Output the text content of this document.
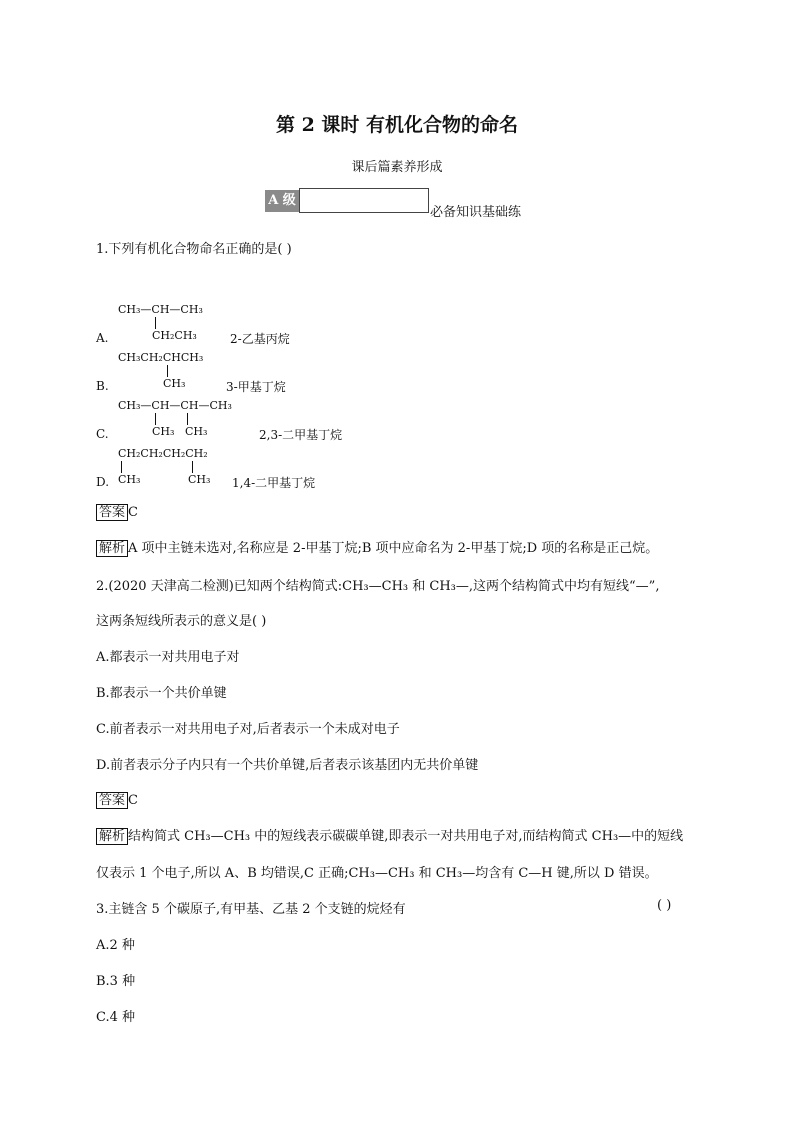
第 2 课时 有机化合物的命名
课后篇素养形成
A 级
必备知识基础练
1.下列有机化合物命名正确的是( )
CH₃—CH—CH₃
A.	CH₂CH₃	2-乙基丙烷
CH₃CH₂CHCH₃
B.	CH₃	3-甲基丁烷
CH₃—CH—CH—CH₃
C.	CH₃ CH₃	2,3-二甲基丁烷
CH₂CH₂CH₂CH₂
D. CH₃	CH₃ 1,4-二甲基丁烷
答案 C
解析 A 项中主链未选对,名称应是 2-甲基丁烷;B 项中应命名为 2-甲基丁烷;D 项的名称是正己烷。
2.(2020 天津高二检测)已知两个结构简式:CH₃—CH₃ 和 CH₃—,这两个结构简式中均有短线“—”,
这两条短线所表示的意义是( )
A.都表示一对共用电子对
B.都表示一个共价单键
C.前者表示一对共用电子对,后者表示一个未成对电子
D.前者表示分子内只有一个共价单键,后者表示该基团内无共价单键
答案 C
解析 结构简式 CH₃—CH₃ 中的短线表示碳碳单键,即表示一对共用电子对,而结构简式 CH₃—中的短线
仅表示 1 个电子,所以 A、B 均错误,C 正确;CH₃—CH₃ 和 CH₃—均含有 C—H 键,所以 D 错误。
3.主链含 5 个碳原子,有甲基、乙基 2 个支链的烷烃有	( )
A.2 种
B.3 种
C.4 种
